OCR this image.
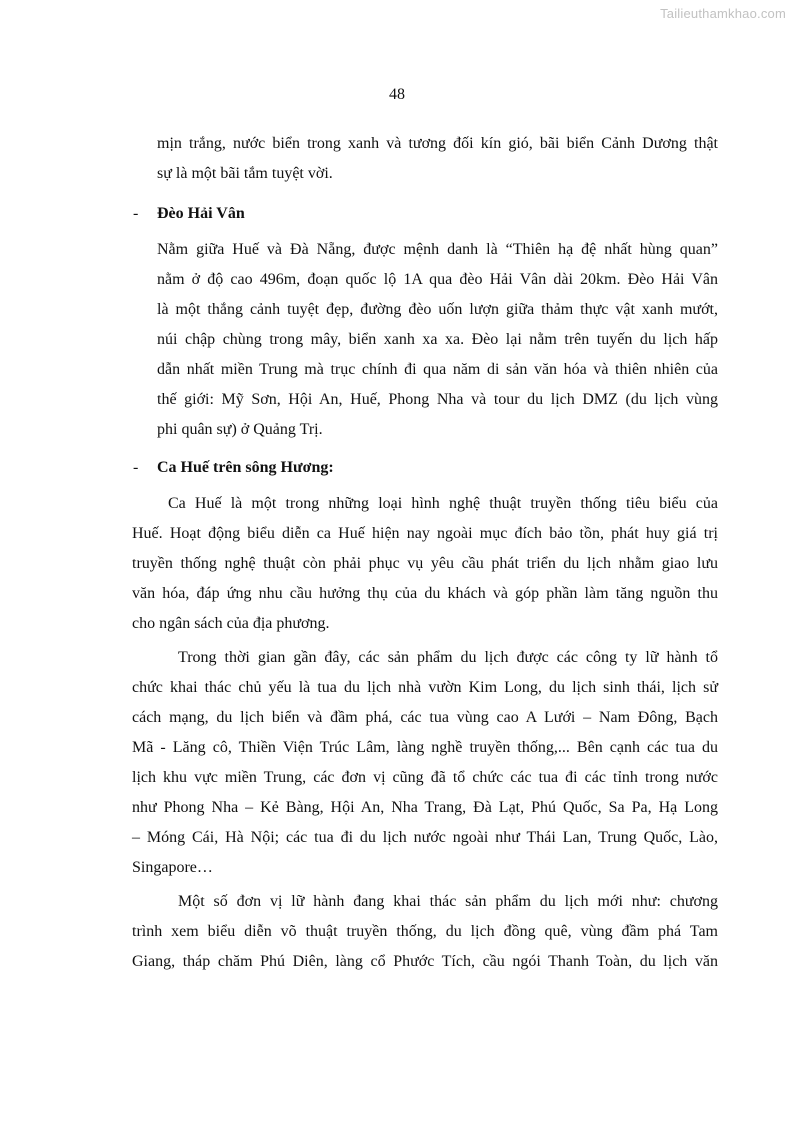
Tailieuthamkhao.com
48
mịn trắng, nước biển trong xanh và tương đối kín gió, bãi biển Cảnh Dương thật
sự là một bãi tắm tuyệt vời.
- Đèo Hải Vân
Nằm giữa Huế và Đà Nẵng, được mệnh danh là “Thiên hạ đệ nhất hùng quan”
nằm ở độ cao 496m, đoạn quốc lộ 1A qua đèo Hải Vân dài 20km. Đèo Hải Vân
là một thắng cảnh tuyệt đẹp, đường đèo uốn lượn giữa thảm thực vật xanh mướt,
núi chập chùng trong mây, biển xanh xa xa. Đèo lại nằm trên tuyến du lịch hấp
dẫn nhất miền Trung mà trục chính đi qua năm di sản văn hóa và thiên nhiên của
thế giới: Mỹ Sơn, Hội An, Huế, Phong Nha và tour du lịch DMZ (du lịch vùng
phi quân sự) ở Quảng Trị.
- Ca Huế trên sông Hương:
Ca Huế là một trong những loại hình nghệ thuật truyền thống tiêu biểu của
Huế. Hoạt động biểu diễn ca Huế hiện nay ngoài mục đích bảo tồn, phát huy giá trị
truyền thống nghệ thuật còn phải phục vụ yêu cầu phát triển du lịch nhằm giao lưu
văn hóa, đáp ứng nhu cầu hưởng thụ của du khách và góp phần làm tăng nguồn thu
cho ngân sách của địa phương.
Trong thời gian gần đây, các sản phẩm du lịch được các công ty lữ hành tổ
chức khai thác chủ yếu là tua du lịch nhà vườn Kim Long, du lịch sinh thái, lịch sử
cách mạng, du lịch biển và đầm phá, các tua vùng cao A Lưới – Nam Đông, Bạch
Mã - Lăng cô, Thiền Viện Trúc Lâm, làng nghề truyền thống,... Bên cạnh các tua du
lịch khu vực miền Trung, các đơn vị cũng đã tổ chức các tua đi các tỉnh trong nước
như Phong Nha – Kẻ Bàng, Hội An, Nha Trang, Đà Lạt, Phú Quốc, Sa Pa, Hạ Long
– Móng Cái, Hà Nội; các tua đi du lịch nước ngoài như Thái Lan, Trung Quốc, Lào,
Singapore…
Một số đơn vị lữ hành đang khai thác sản phẩm du lịch mới như: chương
trình xem biểu diễn võ thuật truyền thống, du lịch đồng quê, vùng đầm phá Tam
Giang, tháp chăm Phú Diên, làng cổ Phước Tích, cầu ngói Thanh Toàn, du lịch văn
